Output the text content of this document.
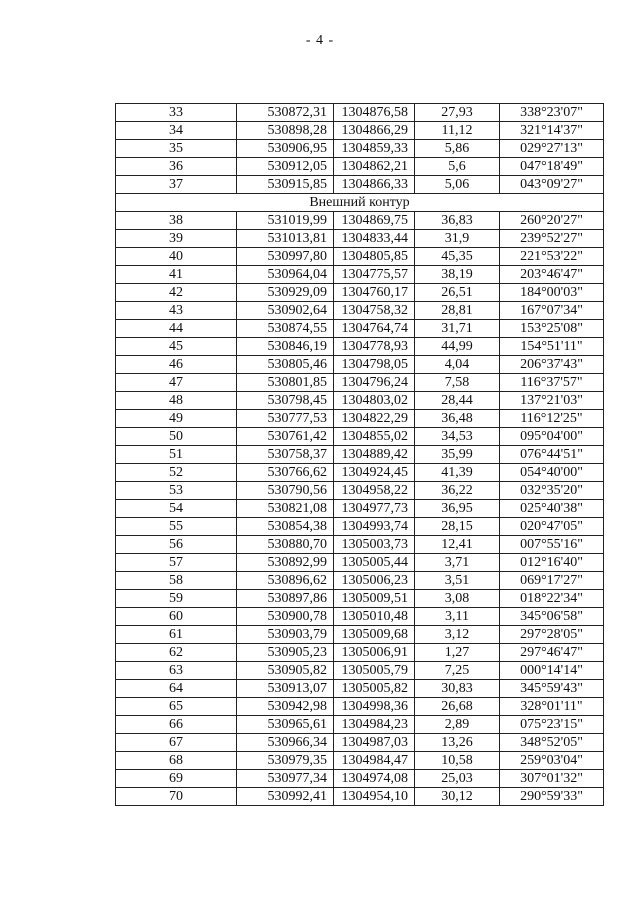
- 4 -
33	530872,31	1304876,58	27,93	338°23'07"
34	530898,28	1304866,29	11,12	321°14'37"
35	530906,95	1304859,33	5,86	029°27'13"
36	530912,05	1304862,21	5,6	047°18'49"
37	530915,85	1304866,33	5,06	043°09'27"
Внешний контур				
38	531019,99	1304869,75	36,83	260°20'27"
39	531013,81	1304833,44	31,9	239°52'27"
40	530997,80	1304805,85	45,35	221°53'22"
41	530964,04	1304775,57	38,19	203°46'47"
42	530929,09	1304760,17	26,51	184°00'03"
43	530902,64	1304758,32	28,81	167°07'34"
44	530874,55	1304764,74	31,71	153°25'08"
45	530846,19	1304778,93	44,99	154°51'11"
46	530805,46	1304798,05	4,04	206°37'43"
47	530801,85	1304796,24	7,58	116°37'57"
48	530798,45	1304803,02	28,44	137°21'03"
49	530777,53	1304822,29	36,48	116°12'25"
50	530761,42	1304855,02	34,53	095°04'00"
51	530758,37	1304889,42	35,99	076°44'51"
52	530766,62	1304924,45	41,39	054°40'00"
53	530790,56	1304958,22	36,22	032°35'20"
54	530821,08	1304977,73	36,95	025°40'38"
55	530854,38	1304993,74	28,15	020°47'05"
56	530880,70	1305003,73	12,41	007°55'16"
57	530892,99	1305005,44	3,71	012°16'40"
58	530896,62	1305006,23	3,51	069°17'27"
59	530897,86	1305009,51	3,08	018°22'34"
60	530900,78	1305010,48	3,11	345°06'58"
61	530903,79	1305009,68	3,12	297°28'05"
62	530905,23	1305006,91	1,27	297°46'47"
63	530905,82	1305005,79	7,25	000°14'14"
64	530913,07	1305005,82	30,83	345°59'43"
65	530942,98	1304998,36	26,68	328°01'11"
66	530965,61	1304984,23	2,89	075°23'15"
67	530966,34	1304987,03	13,26	348°52'05"
68	530979,35	1304984,47	10,58	259°03'04"
69	530977,34	1304974,08	25,03	307°01'32"
70	530992,41	1304954,10	30,12	290°59'33"
